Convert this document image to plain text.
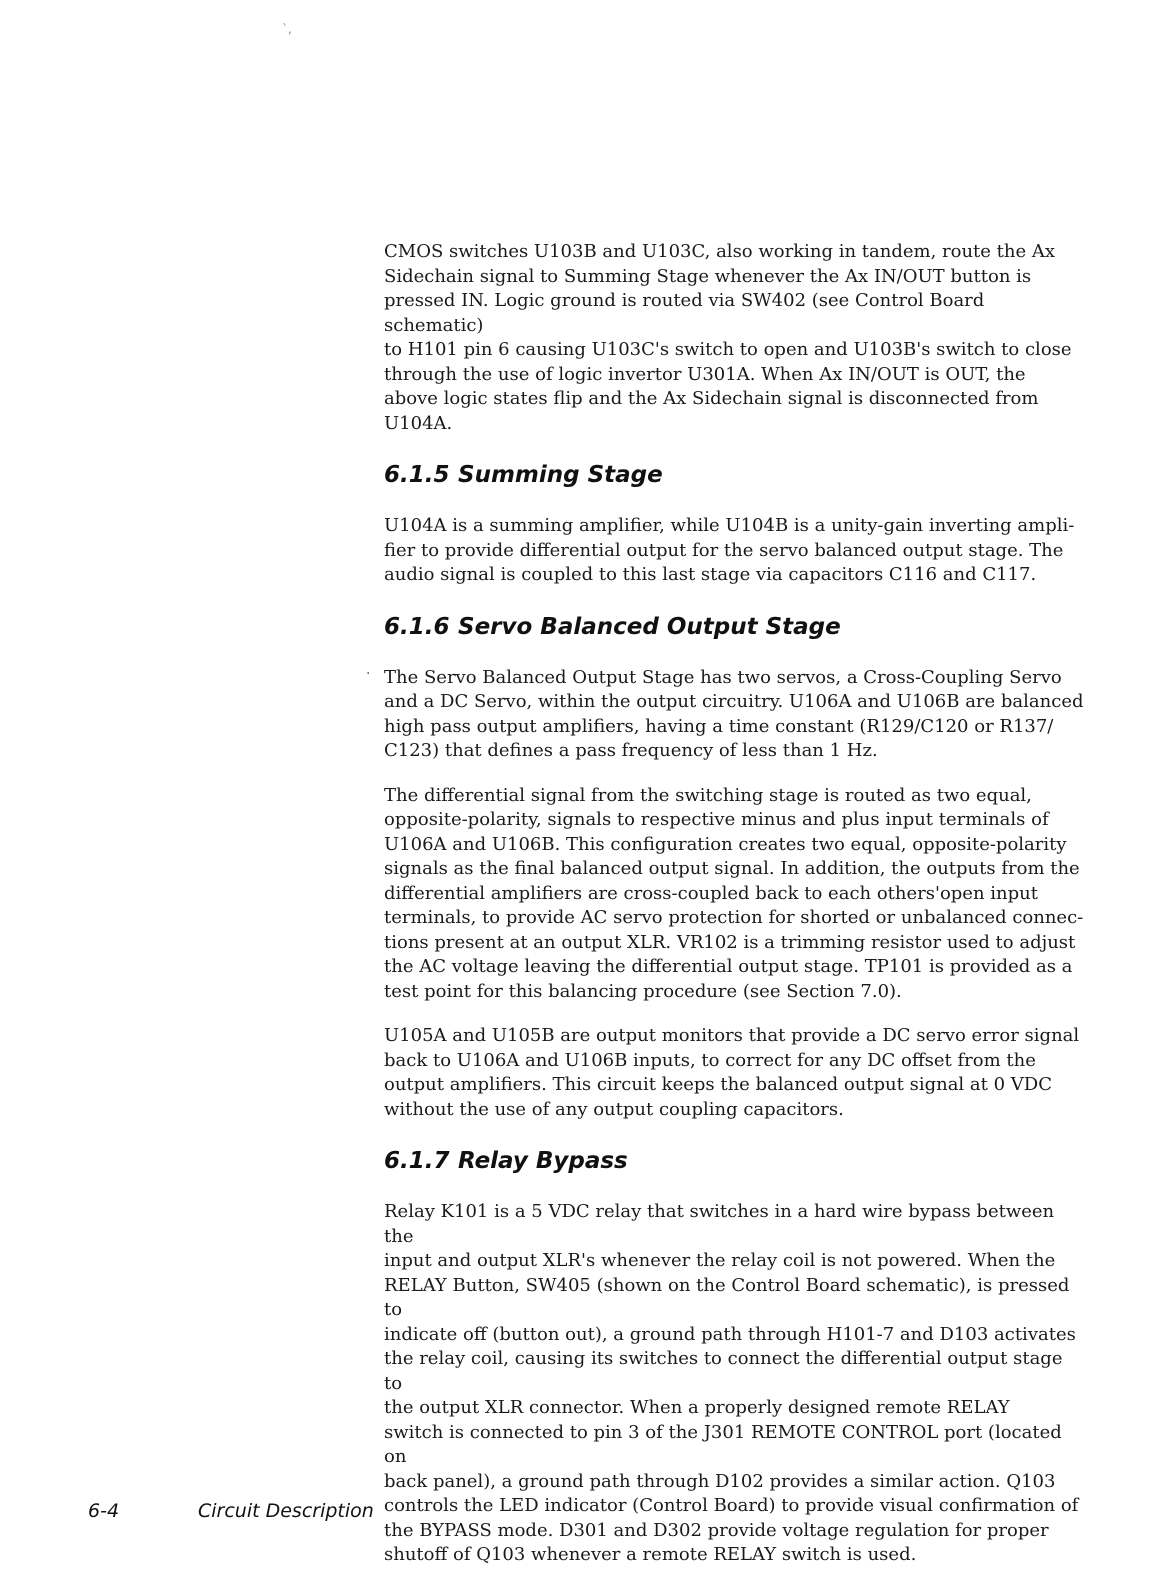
`,

CMOS switches U103B and U103C, also working in tandem, route the Ax
Sidechain signal to Summing Stage whenever the Ax IN/OUT button is
pressed IN. Logic ground is routed via SW402 (see Control Board schematic)
to H101 pin 6 causing U103C's switch to open and U103B's switch to close
through the use of logic invertor U301A. When Ax IN/OUT is OUT, the
above logic states flip and the Ax Sidechain signal is disconnected from
U104A.

6.1.5 Summing Stage

U104A is a summing amplifier, while U104B is a unity-gain inverting ampli-
fier to provide differential output for the servo balanced output stage. The
audio signal is coupled to this last stage via capacitors C116 and C117.

6.1.6 Servo Balanced Output Stage
· The Servo Balanced Output Stage has two servos, a Cross-Coupling Servo
and a DC Servo, within the output circuitry. U106A and U106B are balanced
high pass output amplifiers, having a time constant (R129/C120 or R137/
C123) that defines a pass frequency of less than 1 Hz.

The differential signal from the switching stage is routed as two equal,
opposite-polarity, signals to respective minus and plus input terminals of
U106A and U106B. This configuration creates two equal, opposite-polarity
signals as the final balanced output signal. In addition, the outputs from the
differential amplifiers are cross-coupled back to each others'open input
terminals, to provide AC servo protection for shorted or unbalanced connec-
tions present at an output XLR. VR102 is a trimming resistor used to adjust
the AC voltage leaving the differential output stage. TP101 is provided as a
test point for this balancing procedure (see Section 7.0).

U105A and U105B are output monitors that provide a DC servo error signal
back to U106A and U106B inputs, to correct for any DC offset from the
output amplifiers. This circuit keeps the balanced output signal at 0 VDC
without the use of any output coupling capacitors.

6.1.7 Relay Bypass

Relay K101 is a 5 VDC relay that switches in a hard wire bypass between the
input and output XLR's whenever the relay coil is not powered. When the
RELAY Button, SW405 (shown on the Control Board schematic), is pressed to
indicate off (button out), a ground path through H101-7 and D103 activates
the relay coil, causing its switches to connect the differential output stage to
the output XLR connector. When a properly designed remote RELAY
switch is connected to pin 3 of the J301 REMOTE CONTROL port (located on
back panel), a ground path through D102 provides a similar action. Q103
controls the LED indicator (Control Board) to provide visual confirmation of
the BYPASS mode. D301 and D302 provide voltage regulation for proper
shutoff of Q103 whenever a remote RELAY switch is used.

6-4	Circuit Description
